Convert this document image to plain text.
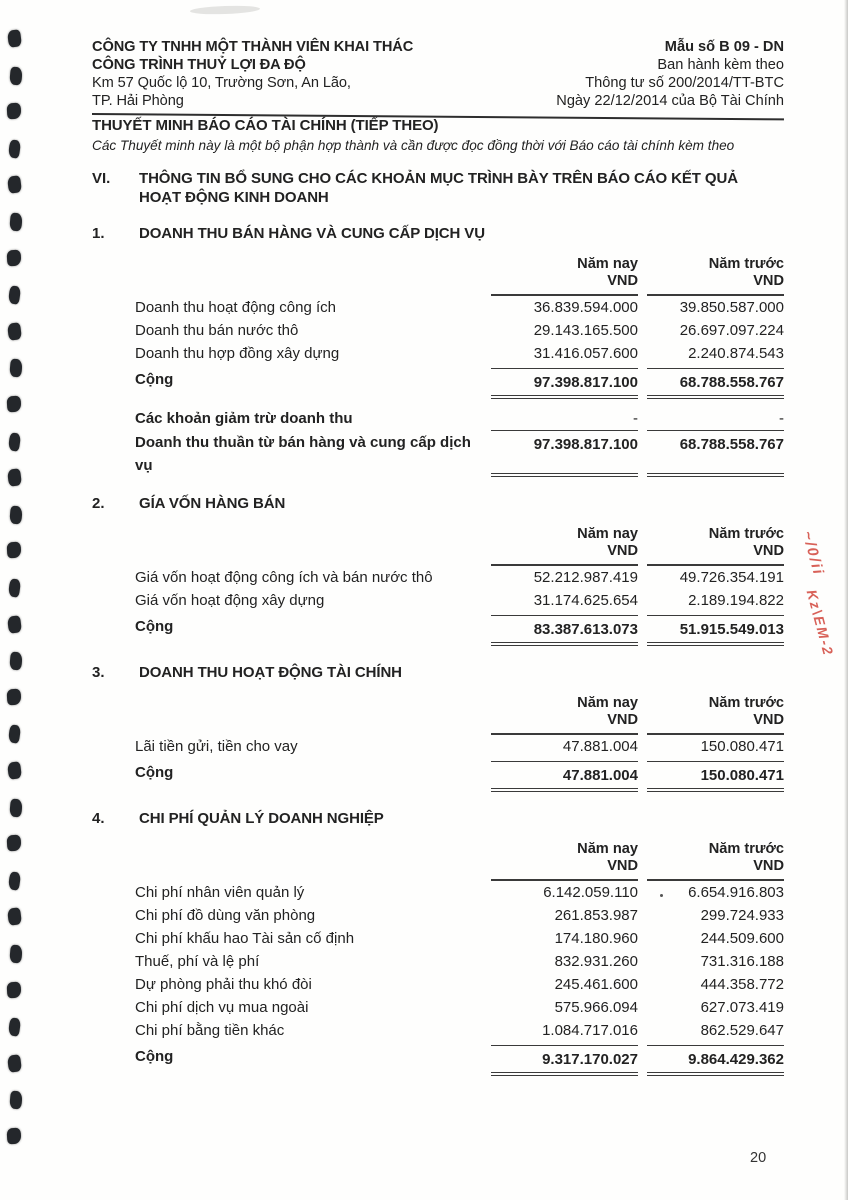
~/0/ii
Kz\EM-2
CÔNG TY TNHH MỘT THÀNH VIÊN KHAI THÁC
CÔNG TRÌNH THUỶ LỢI ĐA ĐỘ
Km 57 Quốc lộ 10, Trường Sơn, An Lão,
TP. Hải Phòng
Mẫu số B 09 - DN
Ban hành kèm theo
Thông tư số 200/2014/TT-BTC
Ngày 22/12/2014 của Bộ Tài Chính
THUYẾT MINH BÁO CÁO TÀI CHÍNH (TIẾP THEO)
Các Thuyết minh này là một bộ phận hợp thành và cần được đọc đồng thời với Báo cáo tài chính kèm theo
VI.	THÔNG TIN BỔ SUNG CHO CÁC KHOẢN MỤC TRÌNH BÀY TRÊN BÁO CÁO KẾT QUẢ HOẠT ĐỘNG KINH DOANH
1.	DOANH THU BÁN HÀNG VÀ CUNG CẤP DỊCH VỤ
Năm nay
VND
Năm trước
VND
Doanh thu hoạt động công ích	36.839.594.000	39.850.587.000
Doanh thu bán nước thô	29.143.165.500	26.697.097.224
Doanh thu hợp đồng xây dựng	31.416.057.600	2.240.874.543
Cộng	97.398.817.100	68.788.558.767
Các khoản giảm trừ doanh thu	-	-
Doanh thu thuần từ bán hàng và cung cấp dịch vụ
97.398.817.100	68.788.558.767
2.	GÍA VỐN HÀNG BÁN
Năm nay
VND
Năm trước
VND
Giá vốn hoạt động công ích và bán nước thô	52.212.987.419	49.726.354.191
Giá vốn hoạt động xây dựng	31.174.625.654	2.189.194.822
Cộng	83.387.613.073	51.915.549.013
3.	DOANH THU HOẠT ĐỘNG TÀI CHÍNH
Năm nay
VND
Năm trước
VND
Lãi tiền gửi, tiền cho vay	47.881.004	150.080.471
Cộng	47.881.004	150.080.471
4.	CHI PHÍ QUẢN LÝ DOANH NGHIỆP
Năm nay
VND
Năm trước
VND
Chi phí nhân viên quản lý	6.142.059.110	6.654.916.803
Chi phí đồ dùng văn phòng	261.853.987	299.724.933
Chi phí khấu hao Tài sản cố định	174.180.960	244.509.600
Thuế, phí và lệ phí	832.931.260	731.316.188
Dự phòng phải thu khó đòi	245.461.600	444.358.772
Chi phí dịch vụ mua ngoài	575.966.094	627.073.419
Chi phí bằng tiền khác	1.084.717.016	862.529.647
Cộng	9.317.170.027	9.864.429.362
20
